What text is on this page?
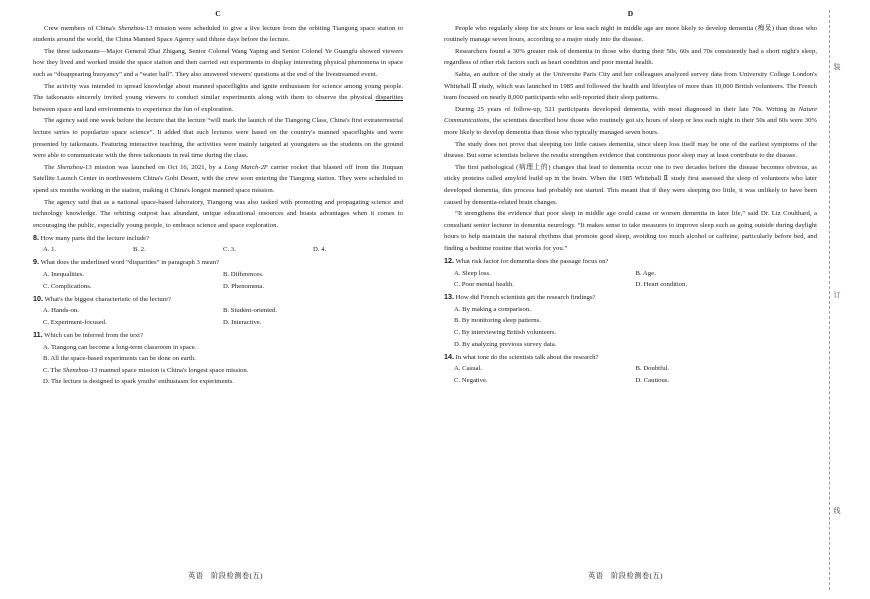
C

Crew members of China's Shenzhou-13 mission were scheduled to give a live lecture from the orbiting Tiangong space station to students around the world, the China Manned Space Agency said thhree days before the lecture.

The three taikonauts—Major General Zhai Zhigang, Senior Colonel Wang Yaping and Senior Colonel Ye Guangfu showed viewers how they lived and worked inside the space station and then carried out experiments to display interesting physical phenomena in space such as “disappearing buoyancy” and a “water ball”. They also answered viewers' questions at the end of the livestreamed event.

The activity was intended to spread knowledge about manned spaceflights and ignite enthusiasm for science among young people. The taikonauts sincerely invited young viewers to conduct similar experiments along with them to observe the physical disparities between space and land environments to experience the fun of exploration.

The agency said one week before the lecture that the lecture “will mark the launch of the Tiangong Class, China's first extraterrestrial lecture series to popularize space science”. It added that such lectures were based on the country's manned spaceflights and were presented by taikonauts. Featuring interactive teaching, the activities were mainly targeted at youngsters as the students on the ground were able to communicate with the three taikonauts in real time during the class.

The Shenzhou-13 mission was launched on Oct 16, 2021, by a Long March-2F carrier rocket that blasted off from the Jiuquan Satellite Launch Center in northwestern China's Gobi Desert, with the crew soon entering the Tiangong station. They were scheduled to spend six months working in the station, making it China's longest manned space mission.

The agency said that as a national space-based laboratory, Tiangong was also tasked with promoting and propagating science and technology knowledge. The orbiting outpost has abundant, unique educational resources and boasts advantages when it comes to encouraging the public, especially young people, to embrace science and space exploration.

8. How many parts did the lecture include?
A. 1.	B. 2.	C. 3.	D. 4.
9. What does the underlined word “disparities” in paragraph 3 mean?
A. Inequalities.	B. Differences.
C. Complications.	D. Phenomena.
10. What's the biggest characteristic of the lecture?
A. Hands-on.	B. Student-oriented.
C. Experiment-focused.	D. Interactive.
11. Which can be inferred from the text?
A. Tiangong can become a long-term classroom in space.
B. All the space-based experiments can be done on earth.
C. The Shenzhou-13 manned space mission is China's longest space mission.
D. The lecture is designed to spark youths' enthusiasm for experiments.
D

People who regularly sleep for six hours or less each night in middle age are more likely to develop dementia (痴呆) than those who routinely manage seven hours, according to a major study into the disease.

Researchers found a 30% greater risk of dementia in those who during their 50s, 60s and 70s consistently had a short night's sleep, regardless of other risk factors such as heart condition and poor mental health.

Sabia, an author of the study at the Universite Paris City and her colleagues analyzed survey data from University College London's Whitehall Ⅱ study, which was launched in 1985 and followed the health and lifestyles of more than 10,000 British volunteers. The French team focused on nearly 8,000 participants who self-reported their sleep patterns.

During 25 years of follow-up, 521 participants developed dementia, with most diagnosed in their late 70s. Writing in Nature Communications, the scientists described how those who routinely got six hours of sleep or less each night in their 50s and 60s were 30% more likely to develop dementia than those who typically managed seven hours.

The study does not prove that sleeping too little causes dementia, since sleep loss itself may be one of the earliest symptoms of the disease. But some scientists believe the results strengthen evidence that continuous poor sleep may at least contribute to the disease.

The first pathological (病理上的) changes that lead to dementia occur one to two decades before the disease becomes obvious, as sticky proteins called amyloid build up in the brain. When the 1985 Whitehall Ⅱ study first assessed the sleep of volunteers who later developed dementia, this process had probably not started. This meant that if they were sleeping too little, it was unlikely to have been caused by dementia-related brain changes.

“It strengthens the evidence that poor sleep in middle age could cause or worsen dementia in later life,” said Dr. Liz Coulthard, a consultant senior lecturer in dementia neurology. “It makes sense to take measures to improve sleep such as going outside during daylight hours to help maintain the natural rhythms that promote good sleep, avoiding too much alcohol or caffeine, particularly before bed, and finding a bedtime routine that works for you.”

12. What risk factor for dementia does the passage focus on?
A. Sleep loss.	B. Age.
C. Poor mental health.	D. Heart condition.
13. How did French scientists get the research findings?
A. By making a comparison.
B. By monitoring sleep patterns.
C. By interviewing British volunteers.
D. By analyzing previous survey data.
14. In what tone do the scientists talk about the research?
A. Casual.	B. Doubtful.
C. Negative.	D. Cautious.
英语　阶段检测卷(五)	英语　阶段检测卷(五)
装
订
线
